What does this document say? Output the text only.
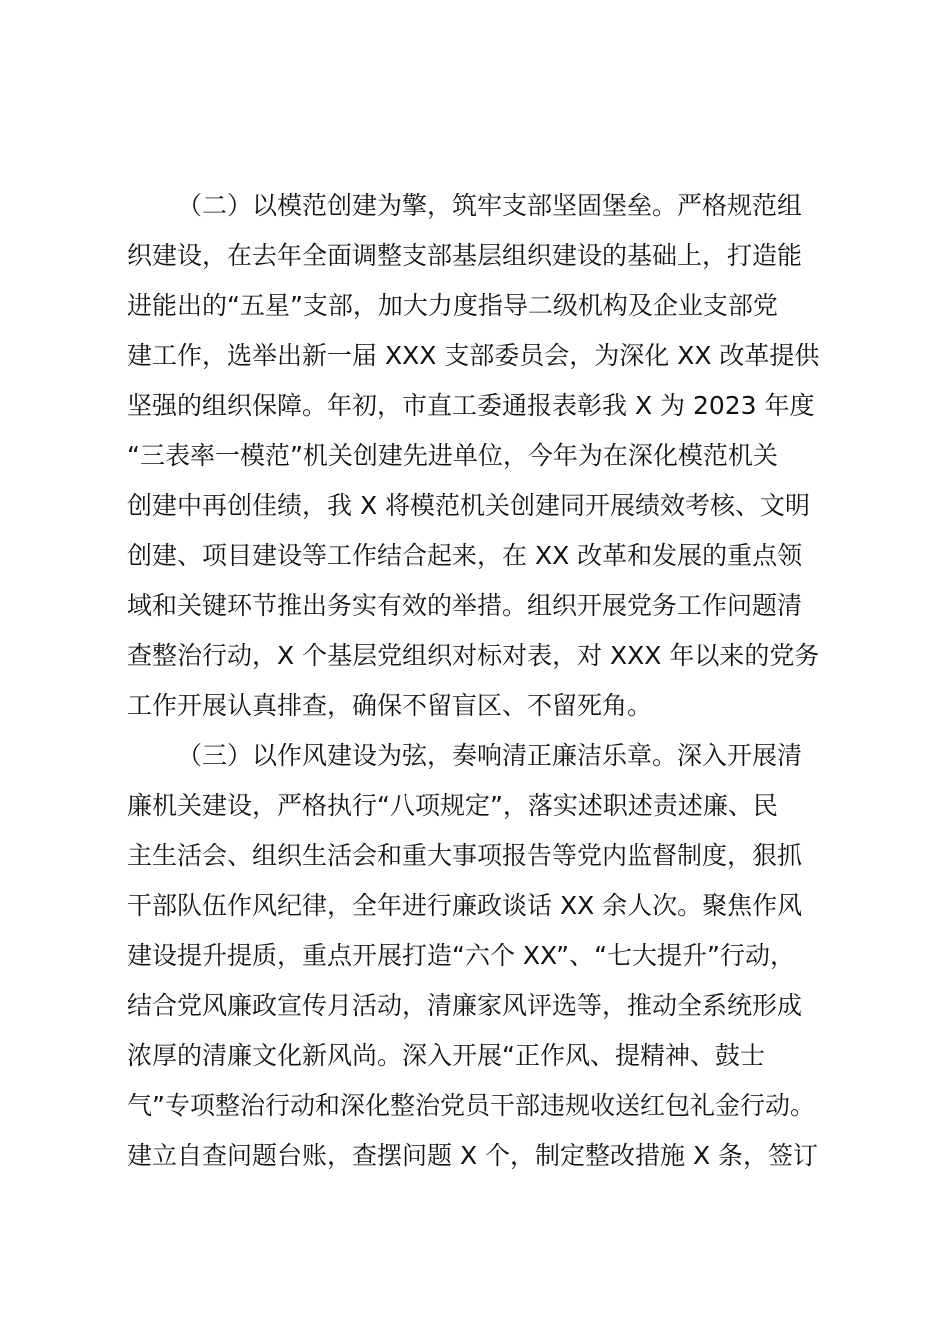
（二）以模范创建为擎，筑牢支部坚固堡垒。严格规范组
织建设，在去年全面调整支部基层组织建设的基础上，打造能
进能出的“五星”支部，加大力度指导二级机构及企业支部党
建工作，选举出新一届 XXX 支部委员会，为深化 XX 改革提供
坚强的组织保障。年初，市直工委通报表彰我 X 为 2023 年度
“三表率一模范”机关创建先进单位，今年为在深化模范机关
创建中再创佳绩，我 X 将模范机关创建同开展绩效考核、文明
创建、项目建设等工作结合起来，在 XX 改革和发展的重点领
域和关键环节推出务实有效的举措。组织开展党务工作问题清
查整治行动，X 个基层党组织对标对表，对 XXX 年以来的党务
工作开展认真排查，确保不留盲区、不留死角。
（三）以作风建设为弦，奏响清正廉洁乐章。深入开展清
廉机关建设，严格执行“八项规定”，落实述职述责述廉、民
主生活会、组织生活会和重大事项报告等党内监督制度，狠抓
干部队伍作风纪律，全年进行廉政谈话 XX 余人次。聚焦作风
建设提升提质，重点开展打造“六个 XX”、“七大提升”行动，
结合党风廉政宣传月活动，清廉家风评选等，推动全系统形成
浓厚的清廉文化新风尚。深入开展“正作风、提精神、鼓士
气”专项整治行动和深化整治党员干部违规收送红包礼金行动。
建立自查问题台账，查摆问题 X 个，制定整改措施 X 条，签订
